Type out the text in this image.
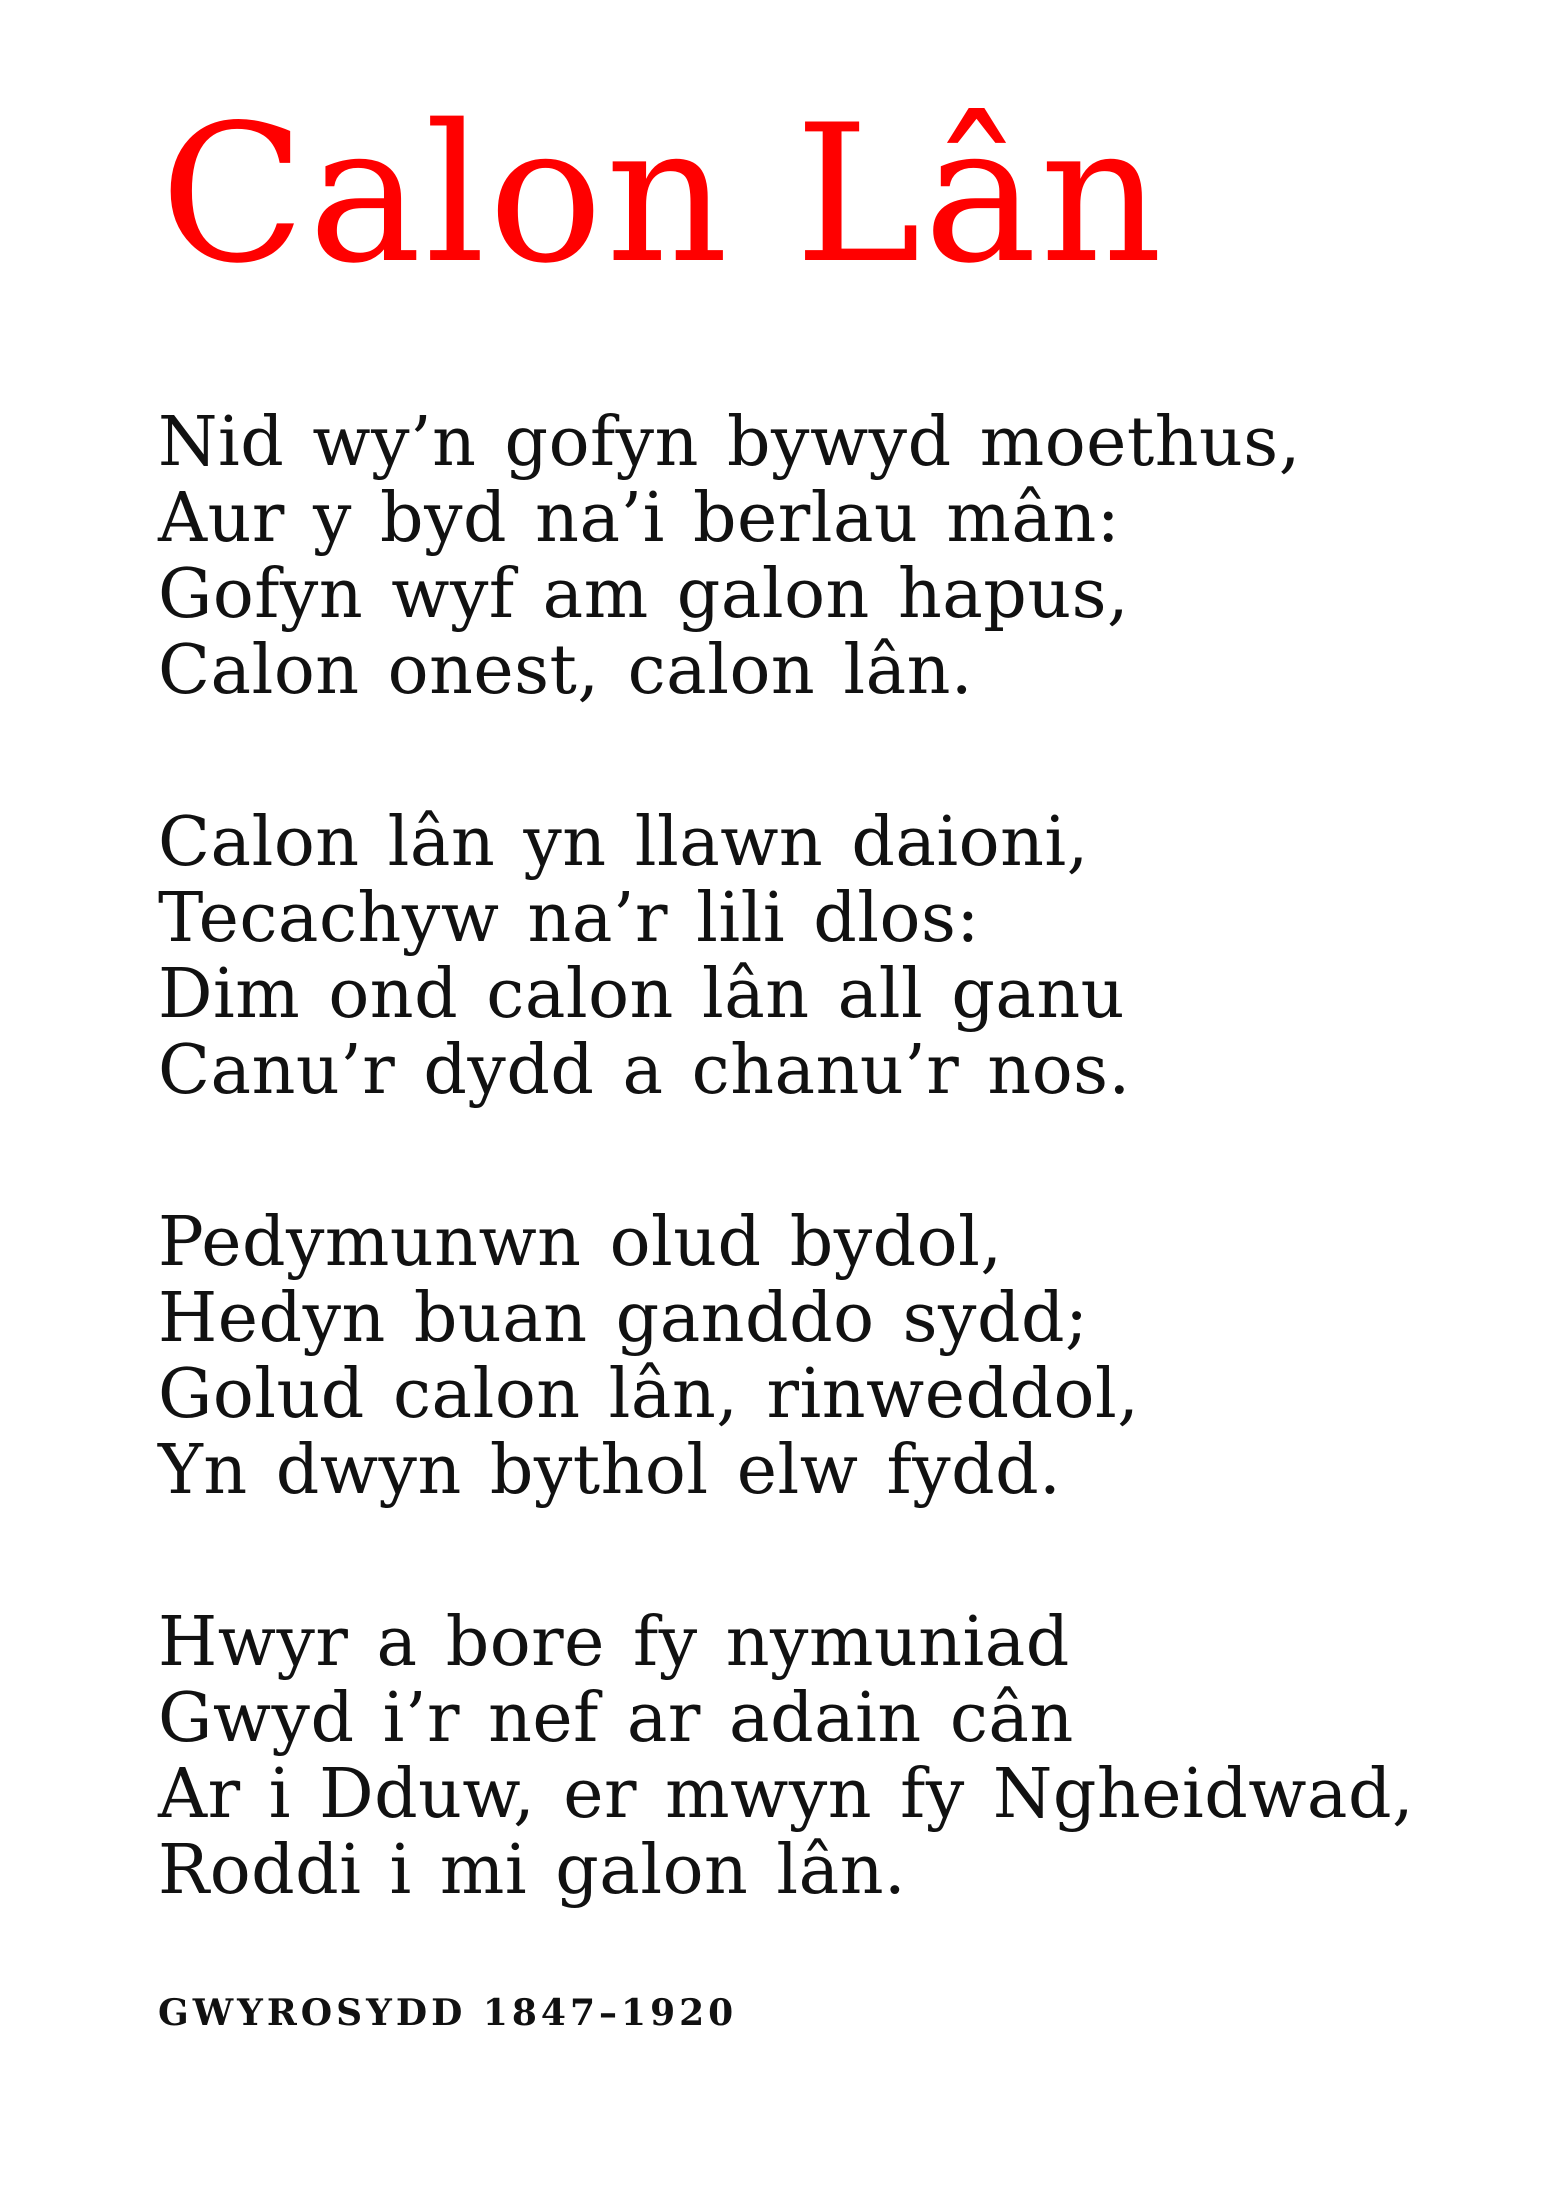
Calon Lân
Nid wy’n gofyn bywyd moethus,
Aur y byd na’i berlau mân:
Gofyn wyf am galon hapus,
Calon onest, calon lân.
Calon lân yn llawn daioni,
Tecachyw na’r lili dlos:
Dim ond calon lân all ganu
Canu’r dydd a chanu’r nos.
Pedymunwn olud bydol,
Hedyn buan ganddo sydd;
Golud calon lân, rinweddol,
Yn dwyn bythol elw fydd.
Hwyr a bore fy nymuniad
Gwyd i’r nef ar adain cân
Ar i Dduw, er mwyn fy Ngheidwad,
Roddi i mi galon lân.

GWYROSYDD 1847–1920
